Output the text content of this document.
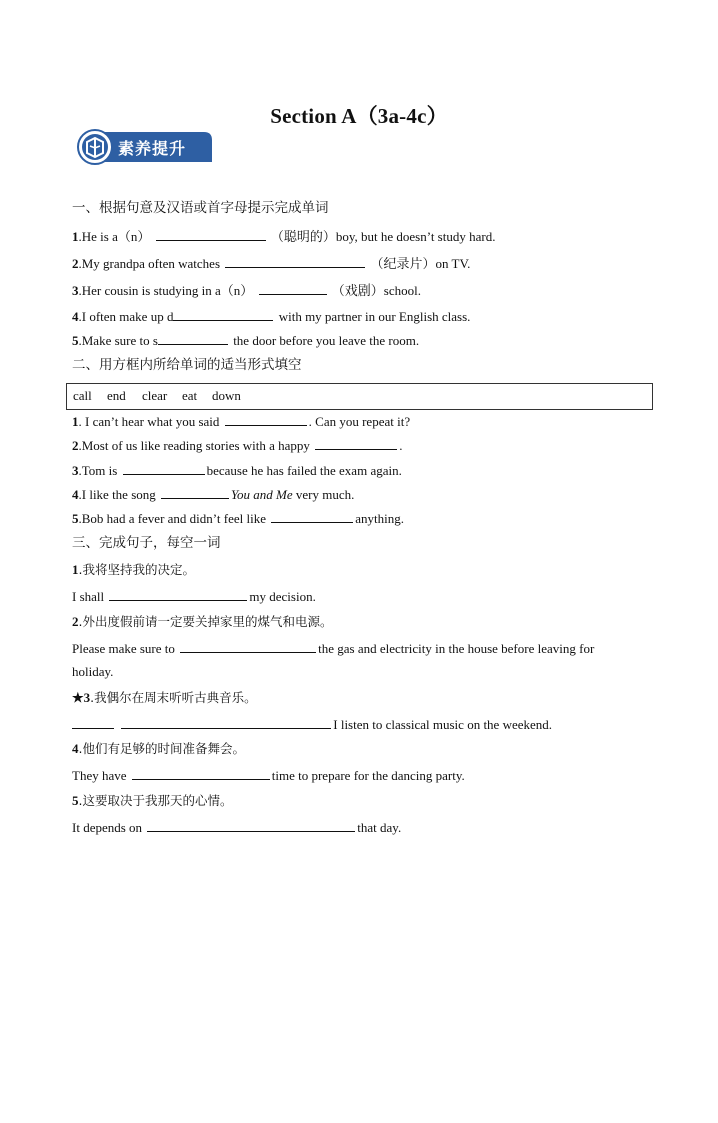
Section A（3a-4c）
素养提升
一、根据句意及汉语或首字母提示完成单词
1.He is a（n）	（聪明的）boy, but he doesn’t study hard.
2.My grandpa often watches	（纪录片）on TV.
3.Her cousin is studying in a（n）	（戏剧）school.
4.I often make up d	with my partner in our English class.
5.Make sure to s	the door before you leave the room.
二、用方框内所给单词的适当形式填空
call end clear eat down
1. I can’t hear what you said	. Can you repeat it?
2.Most of us like reading stories with a happy	.
3.Tom is	because he has failed the exam again.
4.I like the song	You and Me very much.
5.Bob had a fever and didn’t feel like	anything.
三、完成句子，每空一词
1.我将坚持我的决定。
I shall	my decision.
2.外出度假前请一定要关掉家里的煤气和电源。
Please make sure to	the gas and electricity in the house before leaving for
holiday.
★3.我偶尔在周末听听古典音乐。
I listen to classical music on the weekend.
4.他们有足够的时间准备舞会。
They have	time to prepare for the dancing party.
5.这要取决于我那天的心情。
It depends on	that day.
